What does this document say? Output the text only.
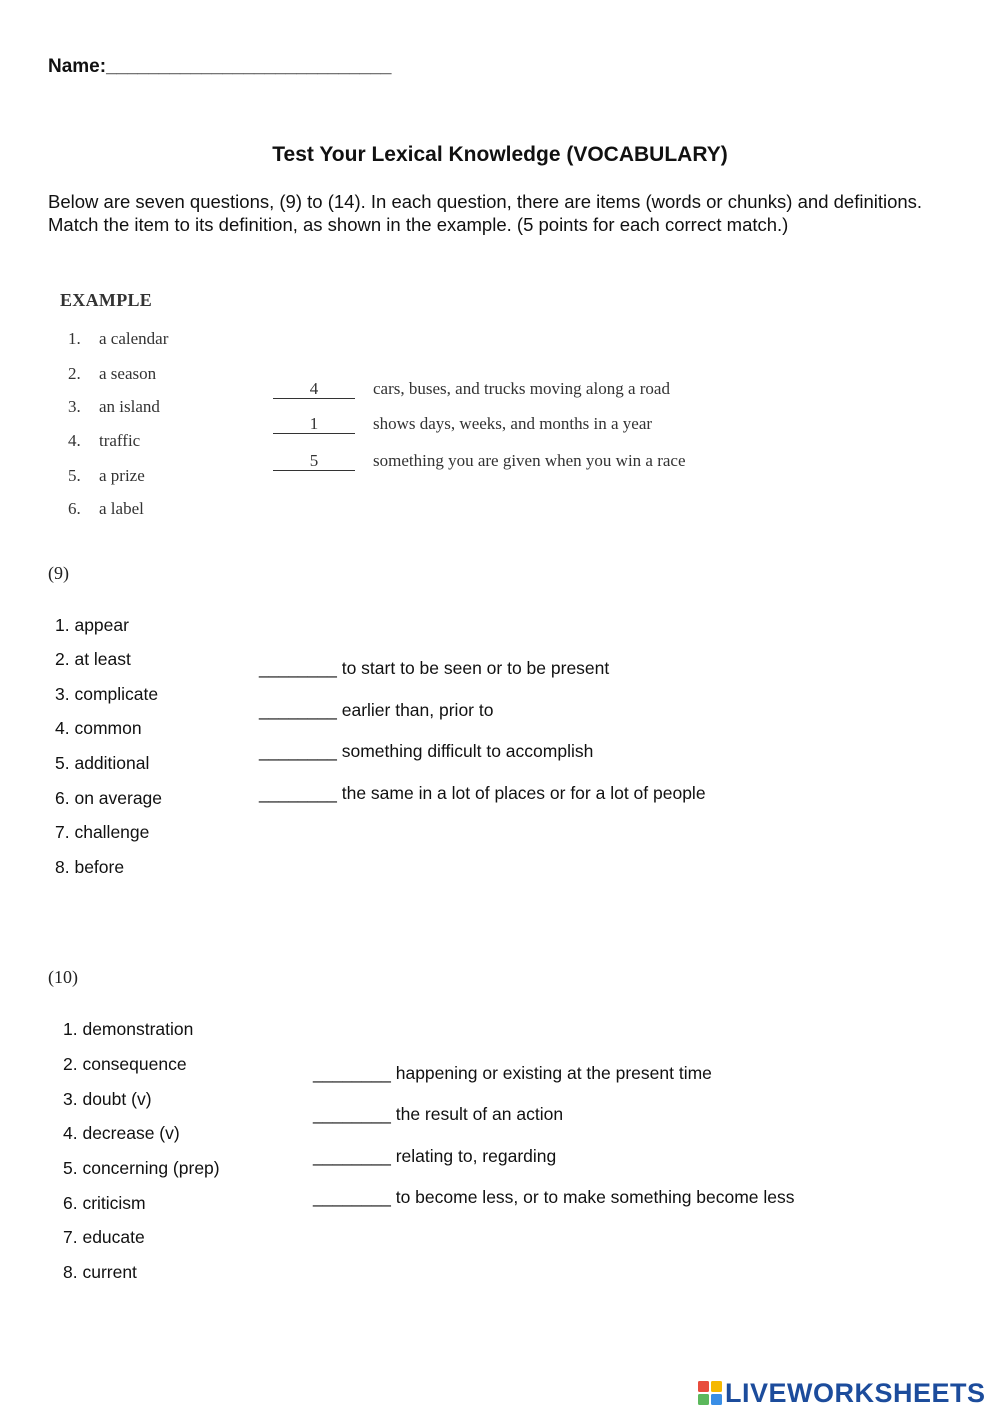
Name:___________________________
Test Your Lexical Knowledge (VOCABULARY)
Below are seven questions, (9) to (14). In each question, there are items (words or chunks) and definitions. Match the item to its definition, as shown in the example. (5 points for each correct match.)
EXAMPLE
1. a calendar
2. a season
3. an island
4. traffic
5. a prize
6. a label
4	cars, buses, and trucks moving along a road
1	shows days, weeks, and months in a year
5	something you are given when you win a race
(9)
1. appear
2. at least
3. complicate
4. common
5. additional
6. on average
7. challenge
8. before
________ to start to be seen or to be present
________ earlier than, prior to
________ something difficult to accomplish
________ the same in a lot of places or for a lot of people
(10)
1. demonstration
2. consequence
3. doubt (v)
4. decrease (v)
5. concerning (prep)
6. criticism
7. educate
8. current
________ happening or existing at the present time
________ the result of an action
________ relating to, regarding
________ to become less, or to make something become less
LIVEWORKSHEETS
